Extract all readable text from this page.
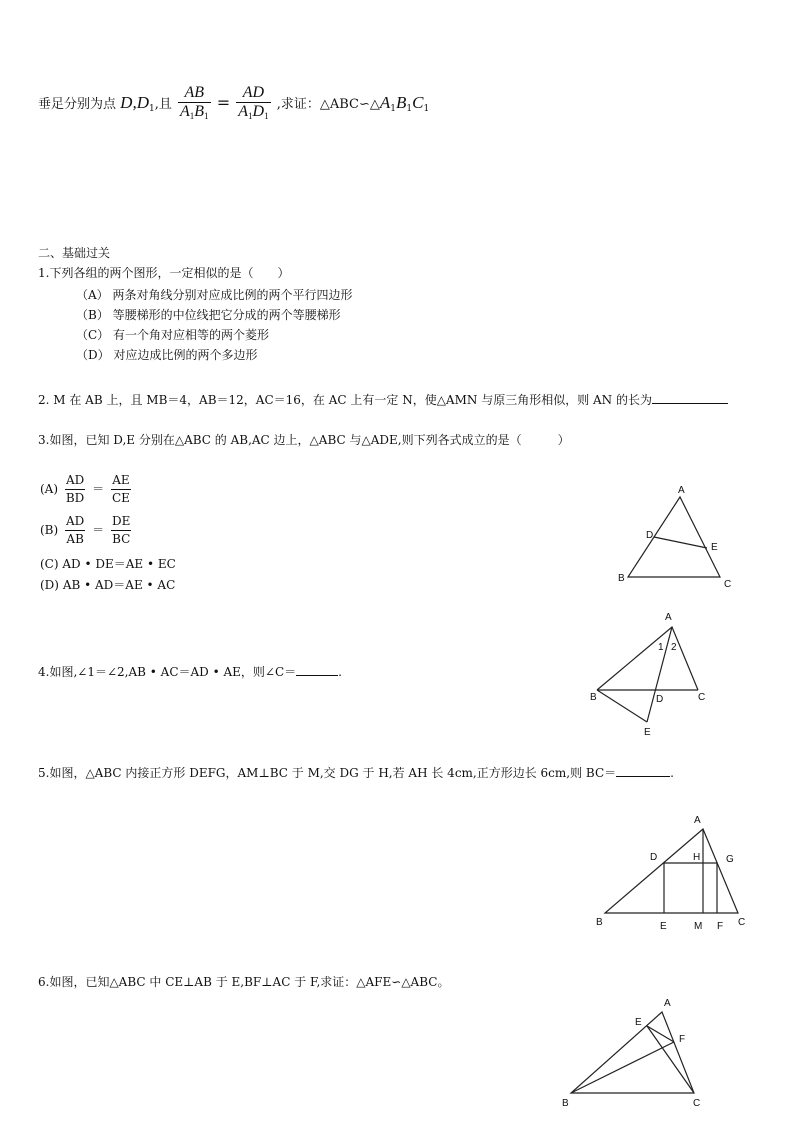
垂足分别为点 $D,D_1$,且 $\frac{AB}{A_1B_1} = \frac{AD}{A_1D_1}$ ,求证：$\triangle ABC∽\triangle A_1B_1C_1$
二、基础过关
1.下列各组的两个图形，一定相似的是（　　）
（A） 两条对角线分别对应成比例的两个平行四边形
（B） 等腰梯形的中位线把它分成的两个等腰梯形
（C） 有一个角对应相等的两个菱形
（D） 对应边成比例的两个多边形
2. M 在 AB 上，且 MB＝4，AB＝12，AC＝16，在 AC 上有一定 N，使△AMN 与原三角形相似，则 AN 的长为
3.如图，已知 D,E 分别在△ABC 的 AB,AC 边上，△ABC 与△ADE,则下列各式成立的是（　　　）
$(A) \frac{AD}{BD} = \frac{AE}{CE}$
$(B) \frac{AD}{AB} = \frac{DE}{BC}$
(C) AD • DE＝AE • EC
(D) AB • AD＝AE • AC
A
B
C
D
E
4.如图,∠1＝∠2,AB • AC＝AD • AE，则∠C＝	.
A
B	C
D
E
1 2
5.如图，△ABC 内接正方形 DEFG，AM⊥BC 于 M,交 DG 于 H,若 AH 长 4cm,正方形边长 6cm,则 BC＝	.
A
B	C
D
E	F
G
H
M
6.如图，已知△ABC 中 CE⊥AB 于 E,BF⊥AC 于 F,求证：△AFE∽△ABC。
A
B	C
E
F
